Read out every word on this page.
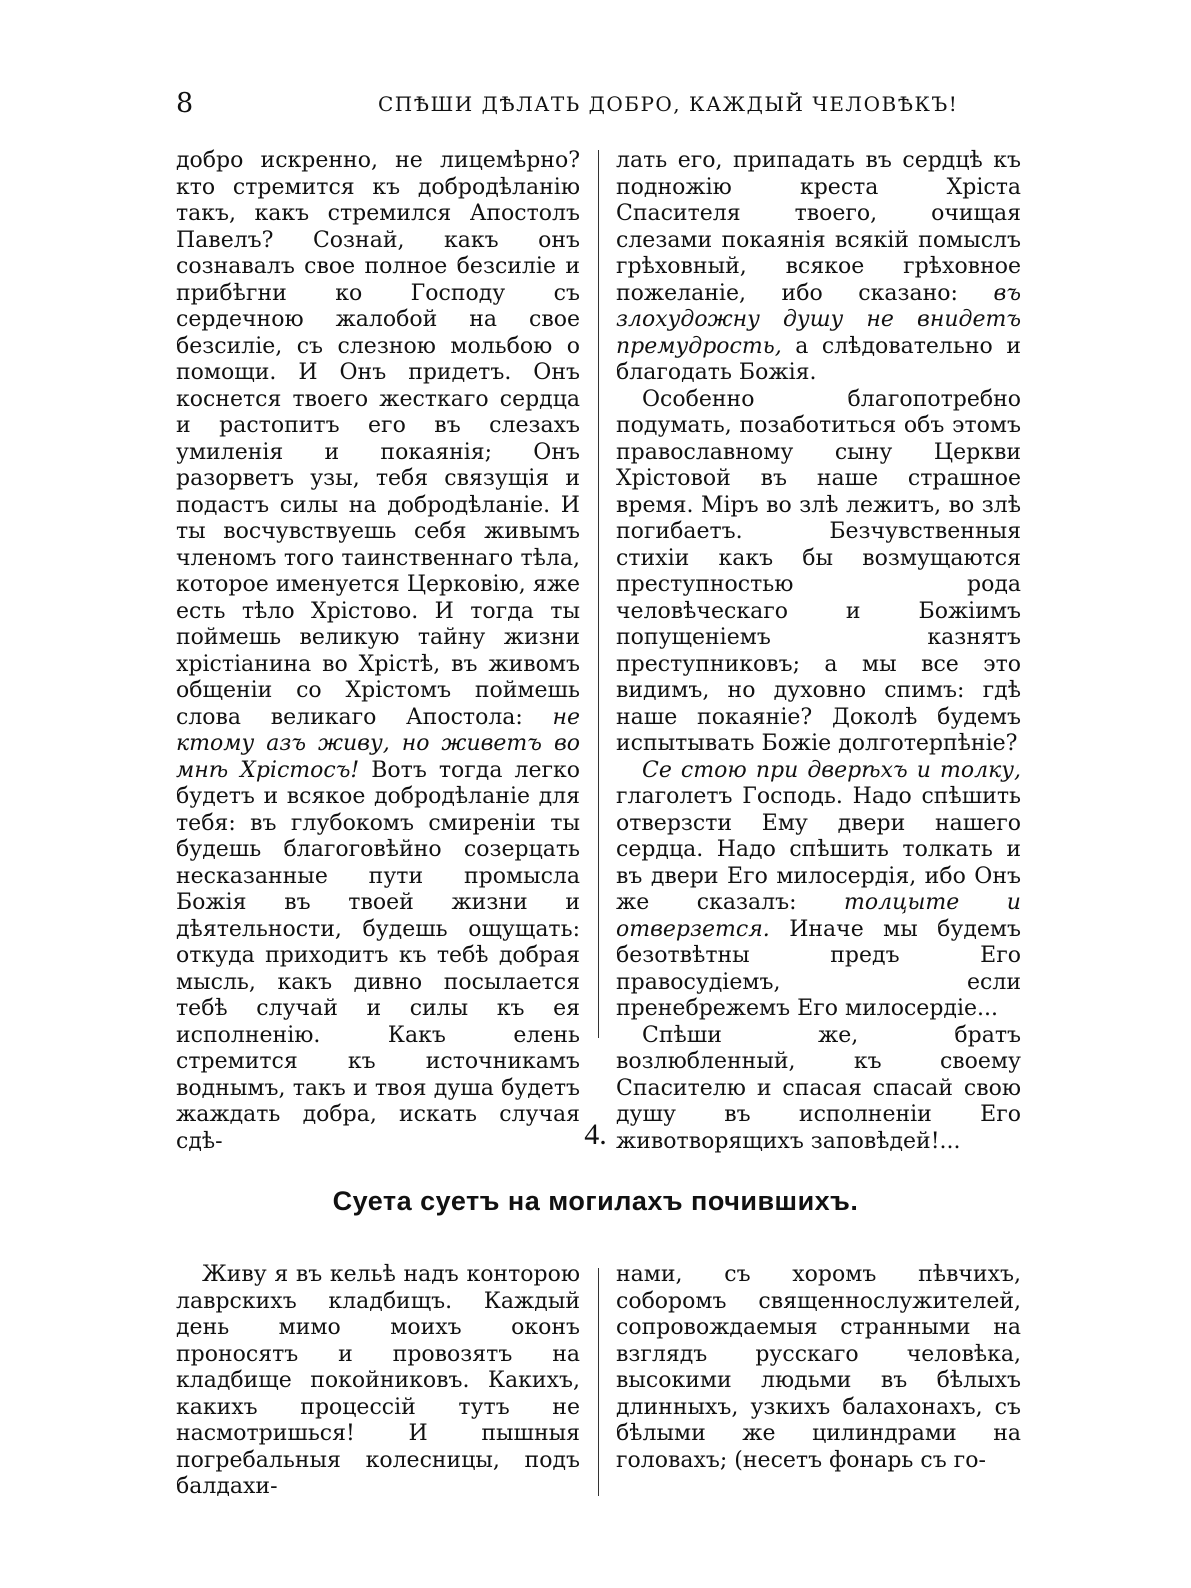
8	СПѢШИ ДѢЛАТЬ ДОБРО, КАЖДЫЙ ЧЕЛОВѢКЪ!

добро искренно, не лицемѣрно? кто стремится къ добродѣланію такъ, какъ стремился Апостолъ Павелъ? Сознай, какъ онъ сознавалъ свое полное безсиліе и прибѣгни ко Господу съ сердечною жалобой на свое безсиліе, съ слезною мольбою о помощи. И Онъ придетъ. Онъ коснется твоего жесткаго сердца и растопитъ его въ слезахъ умиленія и покаянія; Онъ разорветъ узы, тебя связущія и подастъ силы на добродѣланіе. И ты восчувствуешь себя живымъ членомъ того таинственнаго тѣла, которое именуется Церковію, яже есть тѣло Хрістово. И тогда ты поймешь великую тайну жизни хрістіанина во Хрістѣ, въ живомъ общеніи со Хрістомъ поймешь слова великаго Апостола: не ктому азъ живу, но живетъ во мнѣ Хрістосъ! Вотъ тогда легко будетъ и всякое добродѣланіе для тебя: въ глубокомъ смиреніи ты будешь благоговѣйно созерцать несказанные пути промысла Божія въ твоей жизни и дѣятельности, будешь ощущать: откуда приходитъ къ тебѣ добрая мысль, какъ дивно посылается тебѣ случай и силы къ ея исполненію. Какъ елень стремится къ источникамъ воднымъ, такъ и твоя душа будетъ жаждать добра, искать случая сдѣ-

лать его, припадать въ сердцѣ къ подножію креста Хріста Спасителя твоего, очищая слезами покаянія всякій помыслъ грѣховный, всякое грѣховное пожеланіе, ибо сказано: въ злохудожну душу не внидетъ премудрость, а слѣдовательно и благодать Божія.

Особенно благопотребно подумать, позаботиться объ этомъ православному сыну Церкви Хрістовой въ наше страшное время. Міръ во злѣ лежитъ, во злѣ погибаетъ. Безчувственныя стихіи какъ бы возмущаются преступностью рода человѣческаго и Божіимъ попущеніемъ казнятъ преступниковъ; а мы все это видимъ, но духовно спимъ: гдѣ наше покаяніе? Доколѣ будемъ испытывать Божіе долготерпѣніе?

Се стою при дверѣхъ и толку, глаголетъ Господь. Надо спѣшить отверзсти Ему двери нашего сердца. Надо спѣшить толкать и въ двери Его милосердія, ибо Онъ же сказалъ: толцыте и отверзется. Иначе мы будемъ безотвѣтны предъ Его правосудіемъ, если пренебрежемъ Его милосердіе...

Спѣши же, братъ возлюбленный, къ своему Спасителю и спасая спасай свою душу въ исполненіи Его животворящихъ заповѣдей!...

4.
Суета суетъ на могилахъ почившихъ.

Живу я въ кельѣ надъ конторою лаврскихъ кладбищъ. Каждый день мимо моихъ оконъ проносятъ и провозятъ на кладбище покойниковъ. Какихъ, какихъ процессій тутъ не насмотришься! И пышныя погребальныя колесницы, подъ балдахи-

нами, съ хоромъ пѣвчихъ, соборомъ священнослужителей, сопровождаемыя странными на взглядъ русскаго человѣка, высокими людьми въ бѣлыхъ длинныхъ, узкихъ балахонахъ, съ бѣлыми же цилиндрами на головахъ; (несетъ фонарь съ го-
